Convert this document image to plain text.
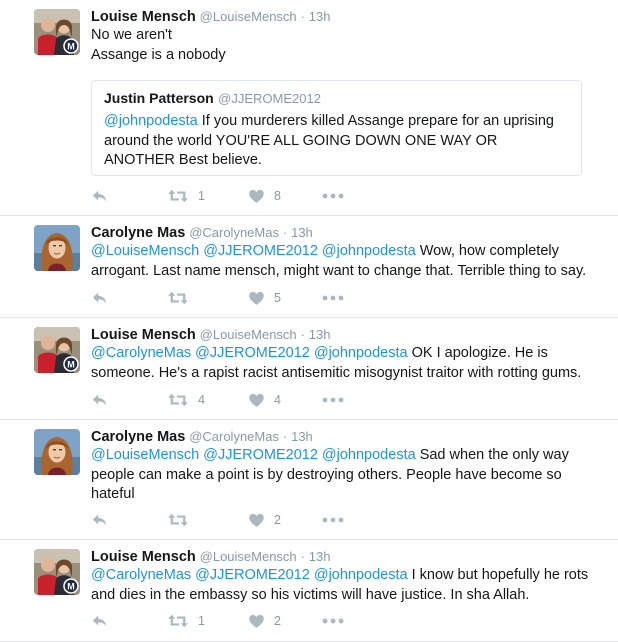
Louise Mensch @LouiseMensch · 13h
No we aren't
Assange is a nobody
Justin Patterson @JJEROME2012
@johnpodesta If you murderers killed Assange prepare for an uprising around the world YOU'RE ALL GOING DOWN ONE WAY OR ANOTHER Best believe.
1	8
Carolyne Mas @CarolyneMas · 13h
@LouiseMensch @JJEROME2012 @johnpodesta Wow, how completely arrogant. Last name mensch, might want to change that. Terrible thing to say.
5
Louise Mensch @LouiseMensch · 13h
@CarolyneMas @JJEROME2012 @johnpodesta OK I apologize. He is someone. He's a rapist racist antisemitic misogynist traitor with rotting gums.
4	4
Carolyne Mas @CarolyneMas · 13h
@LouiseMensch @JJEROME2012 @johnpodesta Sad when the only way people can make a point is by destroying others. People have become so hateful
2
Louise Mensch @LouiseMensch · 13h
@CarolyneMas @JJEROME2012 @johnpodesta I know but hopefully he rots and dies in the embassy so his victims will have justice. In sha Allah.
1	2
